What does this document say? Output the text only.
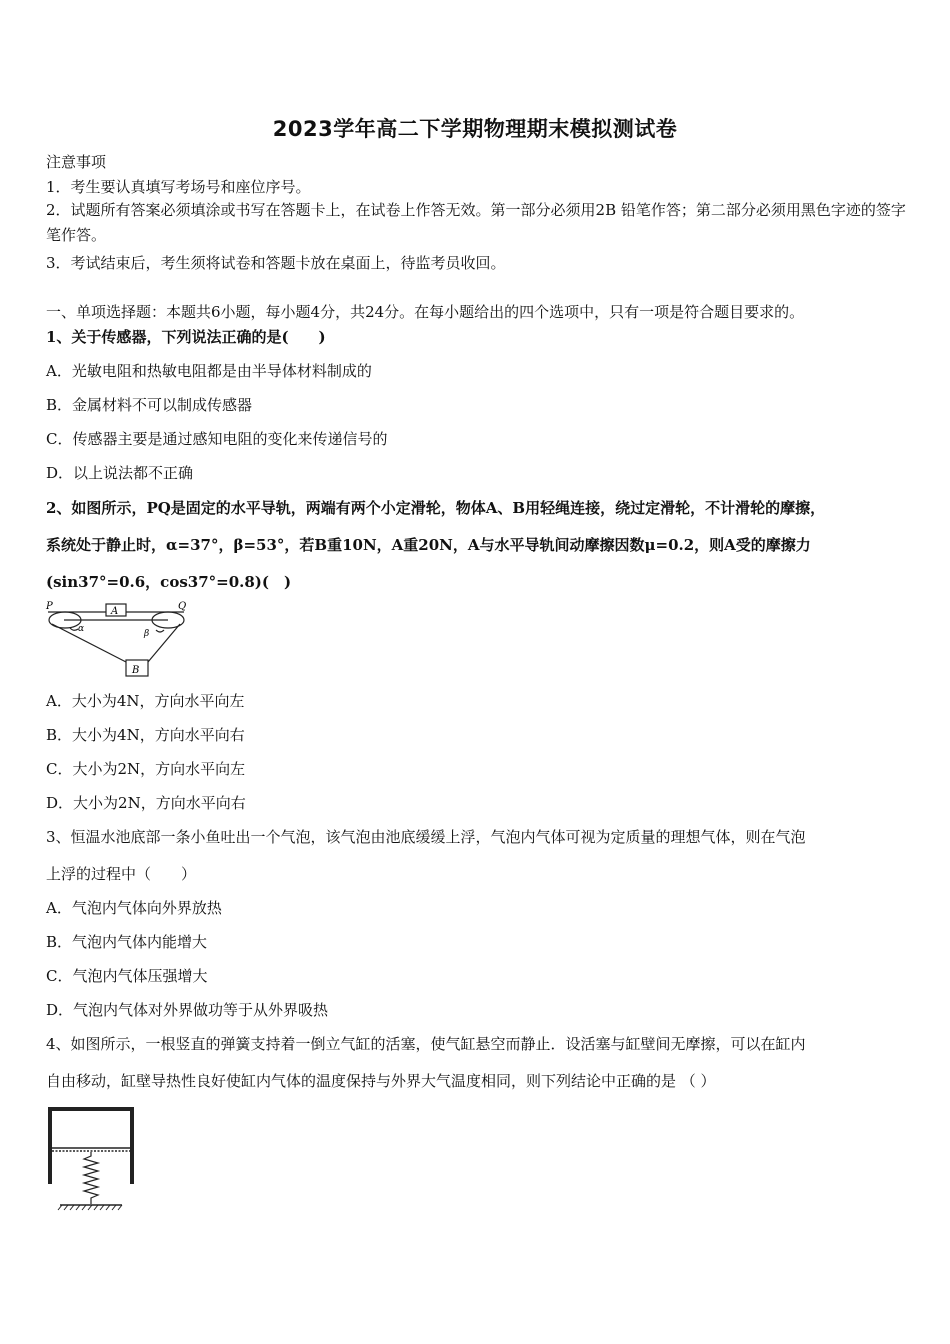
2023学年高二下学期物理期末模拟测试卷
注意事项
1．考生要认真填写考场号和座位序号。
2．试题所有答案必须填涂或书写在答题卡上，在试卷上作答无效。第一部分必须用2B 铅笔作答；第二部分必须用黑色字迹的签字笔作答。
3．考试结束后，考生须将试卷和答题卡放在桌面上，待监考员收回。
一、单项选择题：本题共6小题，每小题4分，共24分。在每小题给出的四个选项中，只有一项是符合题目要求的。
1、关于传感器，下列说法正确的是(　　)
A．光敏电阻和热敏电阻都是由半导体材料制成的
B．金属材料不可以制成传感器
C．传感器主要是通过感知电阻的变化来传递信号的
D．以上说法都不正确
2、如图所示，PQ是固定的水平导轨，两端有两个小定滑轮，物体A、B用轻绳连接，绕过定滑轮，不计滑轮的摩擦，
系统处于静止时，α=37°，β=53°，若B重10N，A重20N，A与水平导轨间动摩擦因数μ=0.2，则A受的摩擦力
(sin37°=0.6，cos37°=0.8)(　)
P	Q
A
B
α	β
A．大小为4N，方向水平向左
B．大小为4N，方向水平向右
C．大小为2N，方向水平向左
D．大小为2N，方向水平向右
3、恒温水池底部一条小鱼吐出一个气泡，该气泡由池底缓缓上浮，气泡内气体可视为定质量的理想气体，则在气泡
上浮的过程中（　　）
A．气泡内气体向外界放热
B．气泡内气体内能增大
C．气泡内气体压强增大
D．气泡内气体对外界做功等于从外界吸热
4、如图所示，一根竖直的弹簧支持着一倒立气缸的活塞，使气缸悬空而静止．设活塞与缸壁间无摩擦，可以在缸内
自由移动，缸壁导热性良好使缸内气体的温度保持与外界大气温度相同，则下列结论中正确的是 （ ）
